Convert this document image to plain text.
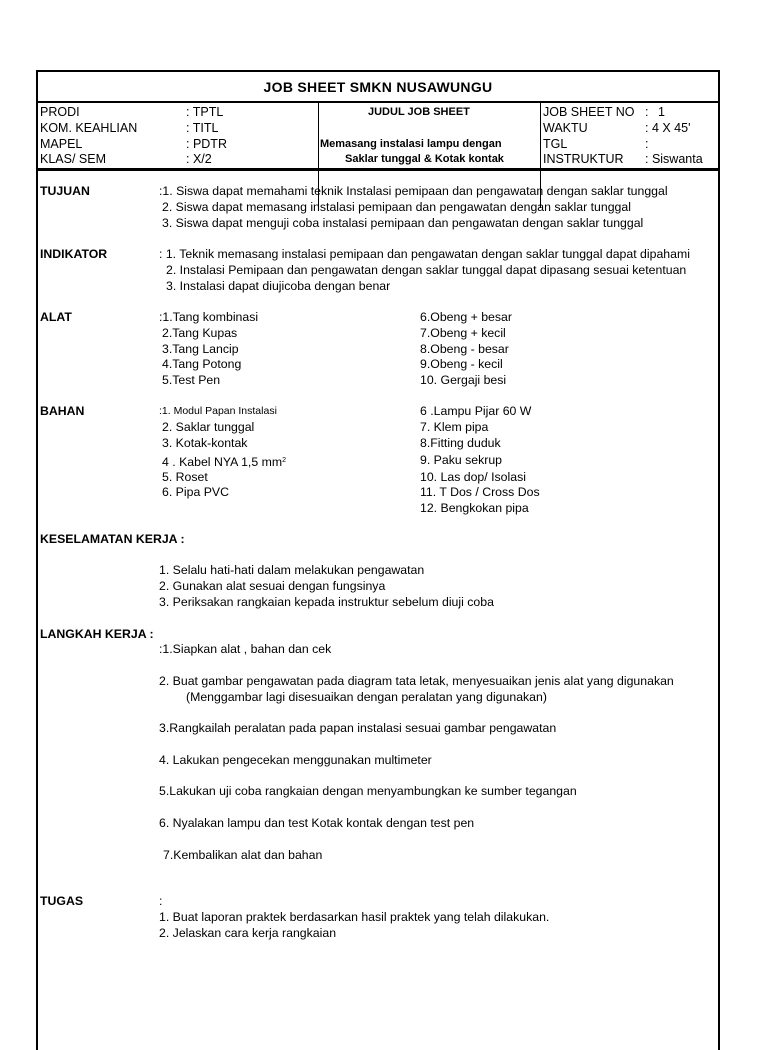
JOB SHEET SMKN NUSAWUNGU
PRODI	: TPTL
KOM. KEAHLIAN	: TITL
MAPEL	: PDTR
KLAS/ SEM	: X/2
JUDUL JOB SHEET
Memasang instalasi lampu dengan
Saklar tunggal & Kotak kontak
JOB SHEET NO : 1
WAKTU	: 4 X 45'
TGL	:
INSTRUKTUR : Siswanta
TUJUAN	:1. Siswa dapat memahami teknik Instalasi pemipaan dan pengawatan dengan saklar tunggal
2. Siswa dapat memasang instalasi pemipaan dan pengawatan dengan saklar tunggal
3. Siswa dapat menguji coba instalasi pemipaan dan pengawatan dengan saklar tunggal
INDIKATOR	: 1. Teknik memasang instalasi pemipaan dan pengawatan dengan saklar tunggal dapat dipahami
2. Instalasi Pemipaan dan pengawatan dengan saklar tunggal dapat dipasang sesuai ketentuan
3. Instalasi dapat diujicoba dengan benar
ALAT	:1.Tang kombinasi
2.Tang Kupas
3.Tang Lancip
4.Tang Potong
5.Test Pen
6.Obeng + besar
7.Obeng + kecil
8.Obeng - besar
9.Obeng - kecil
10. Gergaji besi
BAHAN	:1. Modul Papan Instalasi
2. Saklar tunggal
3. Kotak-kontak
4 . Kabel NYA 1,5 $mm^2$
5. Roset
6. Pipa PVC
6 .Lampu Pijar 60 W
7. Klem pipa
8.Fitting duduk
9. Paku sekrup
10. Las dop/ Isolasi
11. T Dos / Cross Dos
12. Bengkokan pipa
KESELAMATAN KERJA :
1. Selalu hati-hati dalam melakukan pengawatan
2. Gunakan alat sesuai dengan fungsinya
3. Periksakan rangkaian kepada instruktur sebelum diuji coba
LANGKAH KERJA :
:1.Siapkan alat , bahan dan cek
2. Buat gambar pengawatan pada diagram tata letak, menyesuaikan jenis alat yang digunakan
(Menggambar lagi disesuaikan dengan peralatan yang digunakan)
3.Rangkailah peralatan pada papan instalasi sesuai gambar pengawatan
4. Lakukan pengecekan menggunakan multimeter
5.Lakukan uji coba rangkaian dengan menyambungkan ke sumber tegangan
6. Nyalakan lampu dan test Kotak kontak dengan test pen
7.Kembalikan alat dan bahan
TUGAS	:
1. Buat laporan praktek berdasarkan hasil praktek yang telah dilakukan.
2. Jelaskan cara kerja rangkaian
